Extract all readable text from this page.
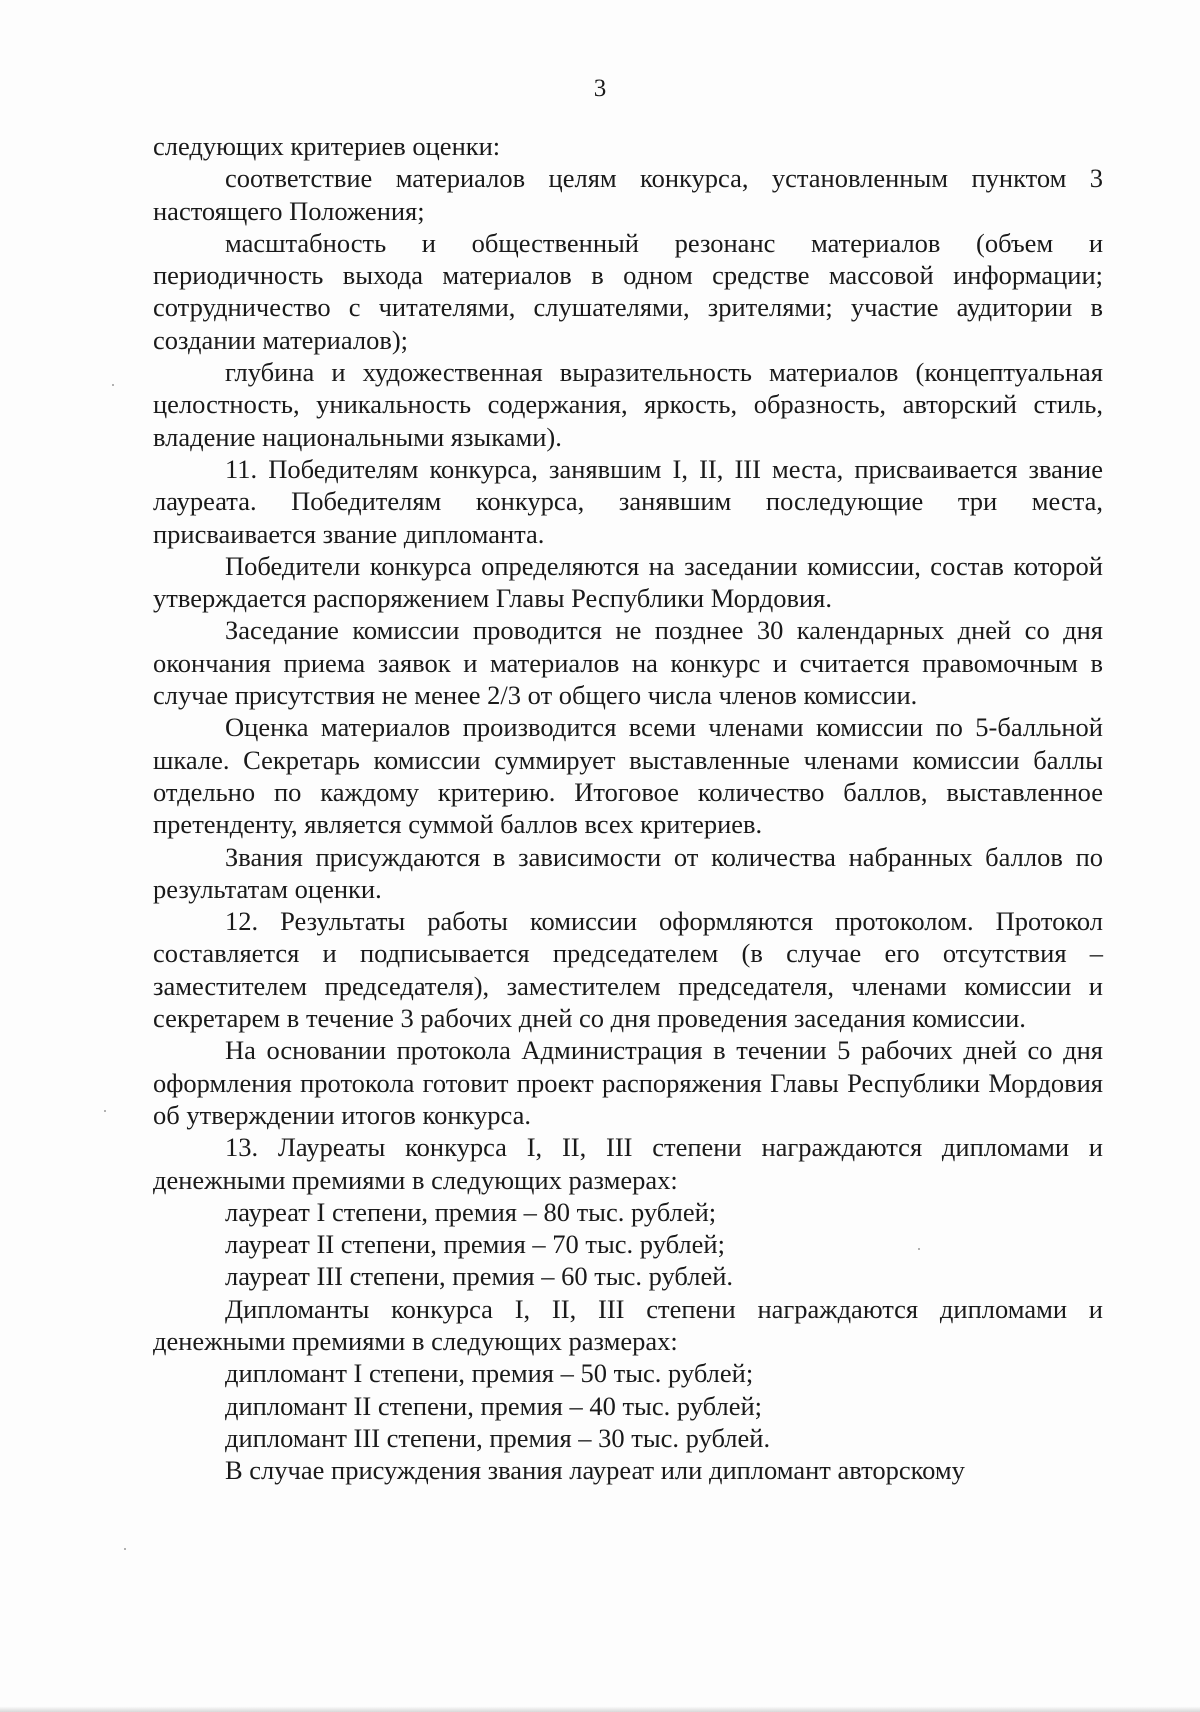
3

следующих критериев оценки:

соответствие материалов целям конкурса, установленным пунктом 3 настоящего Положения;

масштабность и общественный резонанс материалов (объем и периодичность выхода материалов в одном средстве массовой информации; сотрудничество с читателями, слушателями, зрителями; участие аудитории в создании материалов);

глубина и художественная выразительность материалов (концептуальная целостность, уникальность содержания, яркость, образность, авторский стиль, владение национальными языками).

11. Победителям конкурса, занявшим I, II, III места, присваивается звание лауреата. Победителям конкурса, занявшим последующие три места, присваивается звание дипломанта.

Победители конкурса определяются на заседании комиссии, состав которой утверждается распоряжением Главы Республики Мордовия.

Заседание комиссии проводится не позднее 30 календарных дней со дня окончания приема заявок и материалов на конкурс и считается правомочным в случае присутствия не менее 2/3 от общего числа членов комиссии.

Оценка материалов производится всеми членами комиссии по 5-балльной шкале. Секретарь комиссии суммирует выставленные членами комиссии баллы отдельно по каждому критерию. Итоговое количество баллов, выставленное претенденту, является суммой баллов всех критериев.

Звания присуждаются в зависимости от количества набранных баллов по результатам оценки.

12. Результаты работы комиссии оформляются протоколом. Протокол составляется и подписывается председателем (в случае его отсутствия – заместителем председателя), заместителем председателя, членами комиссии и секретарем в течение 3 рабочих дней со дня проведения заседания комиссии.

На основании протокола Администрация в течении 5 рабочих дней со дня оформления протокола готовит проект распоряжения Главы Республики Мордовия об утверждении итогов конкурса.

13. Лауреаты конкурса I, II, III степени награждаются дипломами и денежными премиями в следующих размерах:

лауреат I степени, премия – 80 тыс. рублей;

лауреат II степени, премия – 70 тыс. рублей;

лауреат III степени, премия – 60 тыс. рублей.

Дипломанты конкурса I, II, III степени награждаются дипломами и денежными премиями в следующих размерах:

дипломант I степени, премия – 50 тыс. рублей;

дипломант II степени, премия – 40 тыс. рублей;

дипломант III степени, премия – 30 тыс. рублей.

В случае присуждения звания лауреат или дипломант авторскому
